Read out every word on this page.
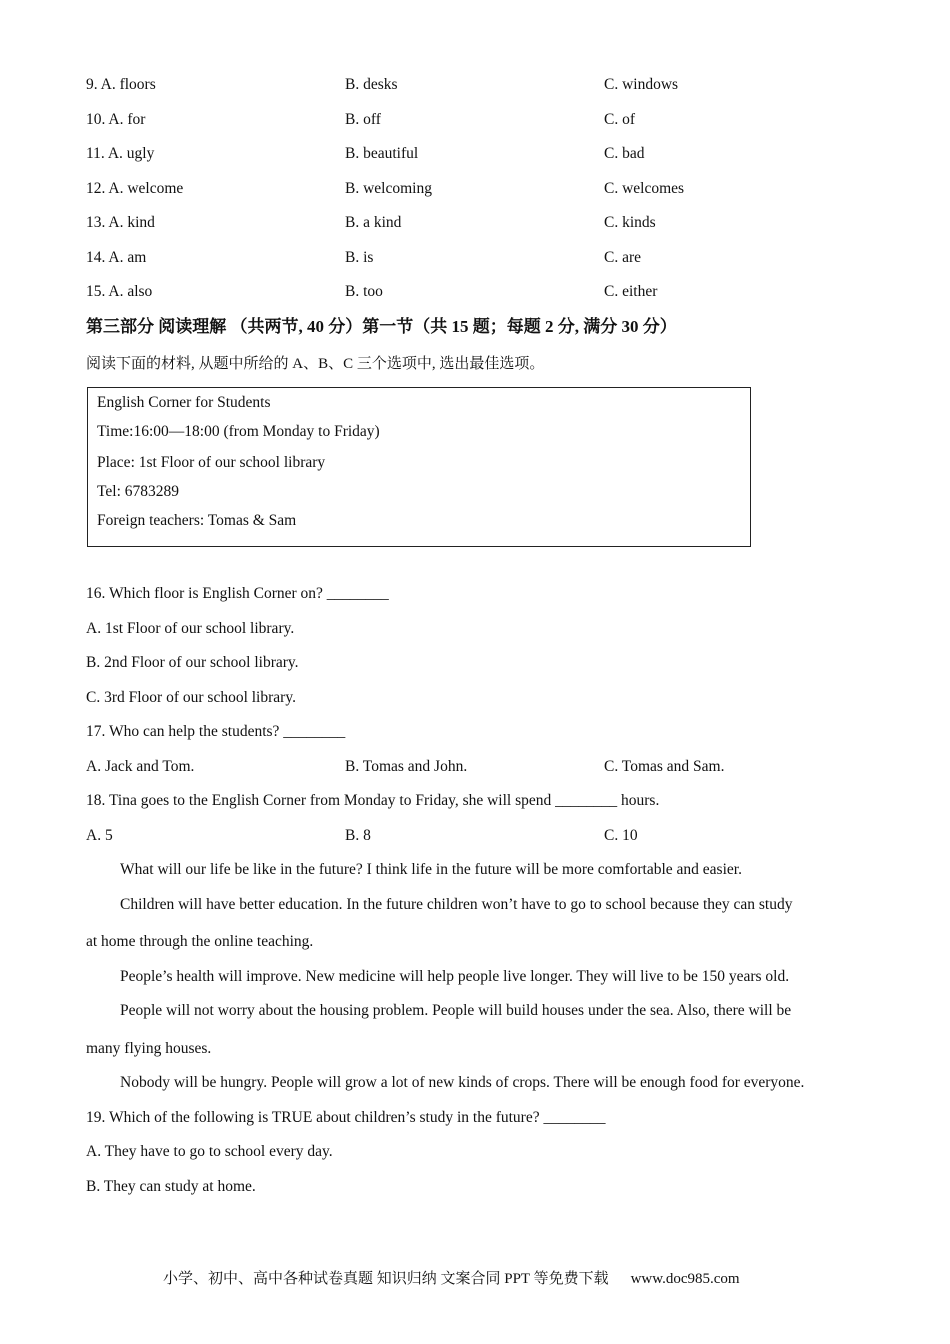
9. A. floors	B. desks	C. windows
10. A. for	B. off	C. of
11. A. ugly	B. beautiful	C. bad
12. A. welcome	B. welcoming	C. welcomes
13. A. kind	B. a kind	C. kinds
14. A. am	B. is	C. are
15. A. also	B. too	C. either
第三部分 阅读理解 （共两节, 40 分）第一节（共 15 题；每题 2 分, 满分 30 分）
阅读下面的材料, 从题中所给的 A、B、C 三个选项中, 选出最佳选项。
English Corner for Students
Time:16:00—18:00 (from Monday to Friday)
Place: 1st Floor of our school library
Tel: 6783289
Foreign teachers: Tomas & Sam
16. Which floor is English Corner on? ________
A. 1st Floor of our school library.
B. 2nd Floor of our school library.
C. 3rd Floor of our school library.
17. Who can help the students? ________
A. Jack and Tom.	B. Tomas and John.	C. Tomas and Sam.
18. Tina goes to the English Corner from Monday to Friday, she will spend ________ hours.
A. 5	B. 8	C. 10
What will our life be like in the future? I think life in the future will be more comfortable and easier.
Children will have better education. In the future children won’t have to go to school because they can study
at home through the online teaching.
People’s health will improve. New medicine will help people live longer. They will live to be 150 years old.
People will not worry about the housing problem. People will build houses under the sea. Also, there will be
many flying houses.
Nobody will be hungry. People will grow a lot of new kinds of crops. There will be enough food for everyone.
19. Which of the following is TRUE about children’s study in the future? ________
A. They have to go to school every day.
B. They can study at home.
小学、初中、高中各种试卷真题 知识归纳 文案合同 PPT 等免费下载 www.doc985.com
